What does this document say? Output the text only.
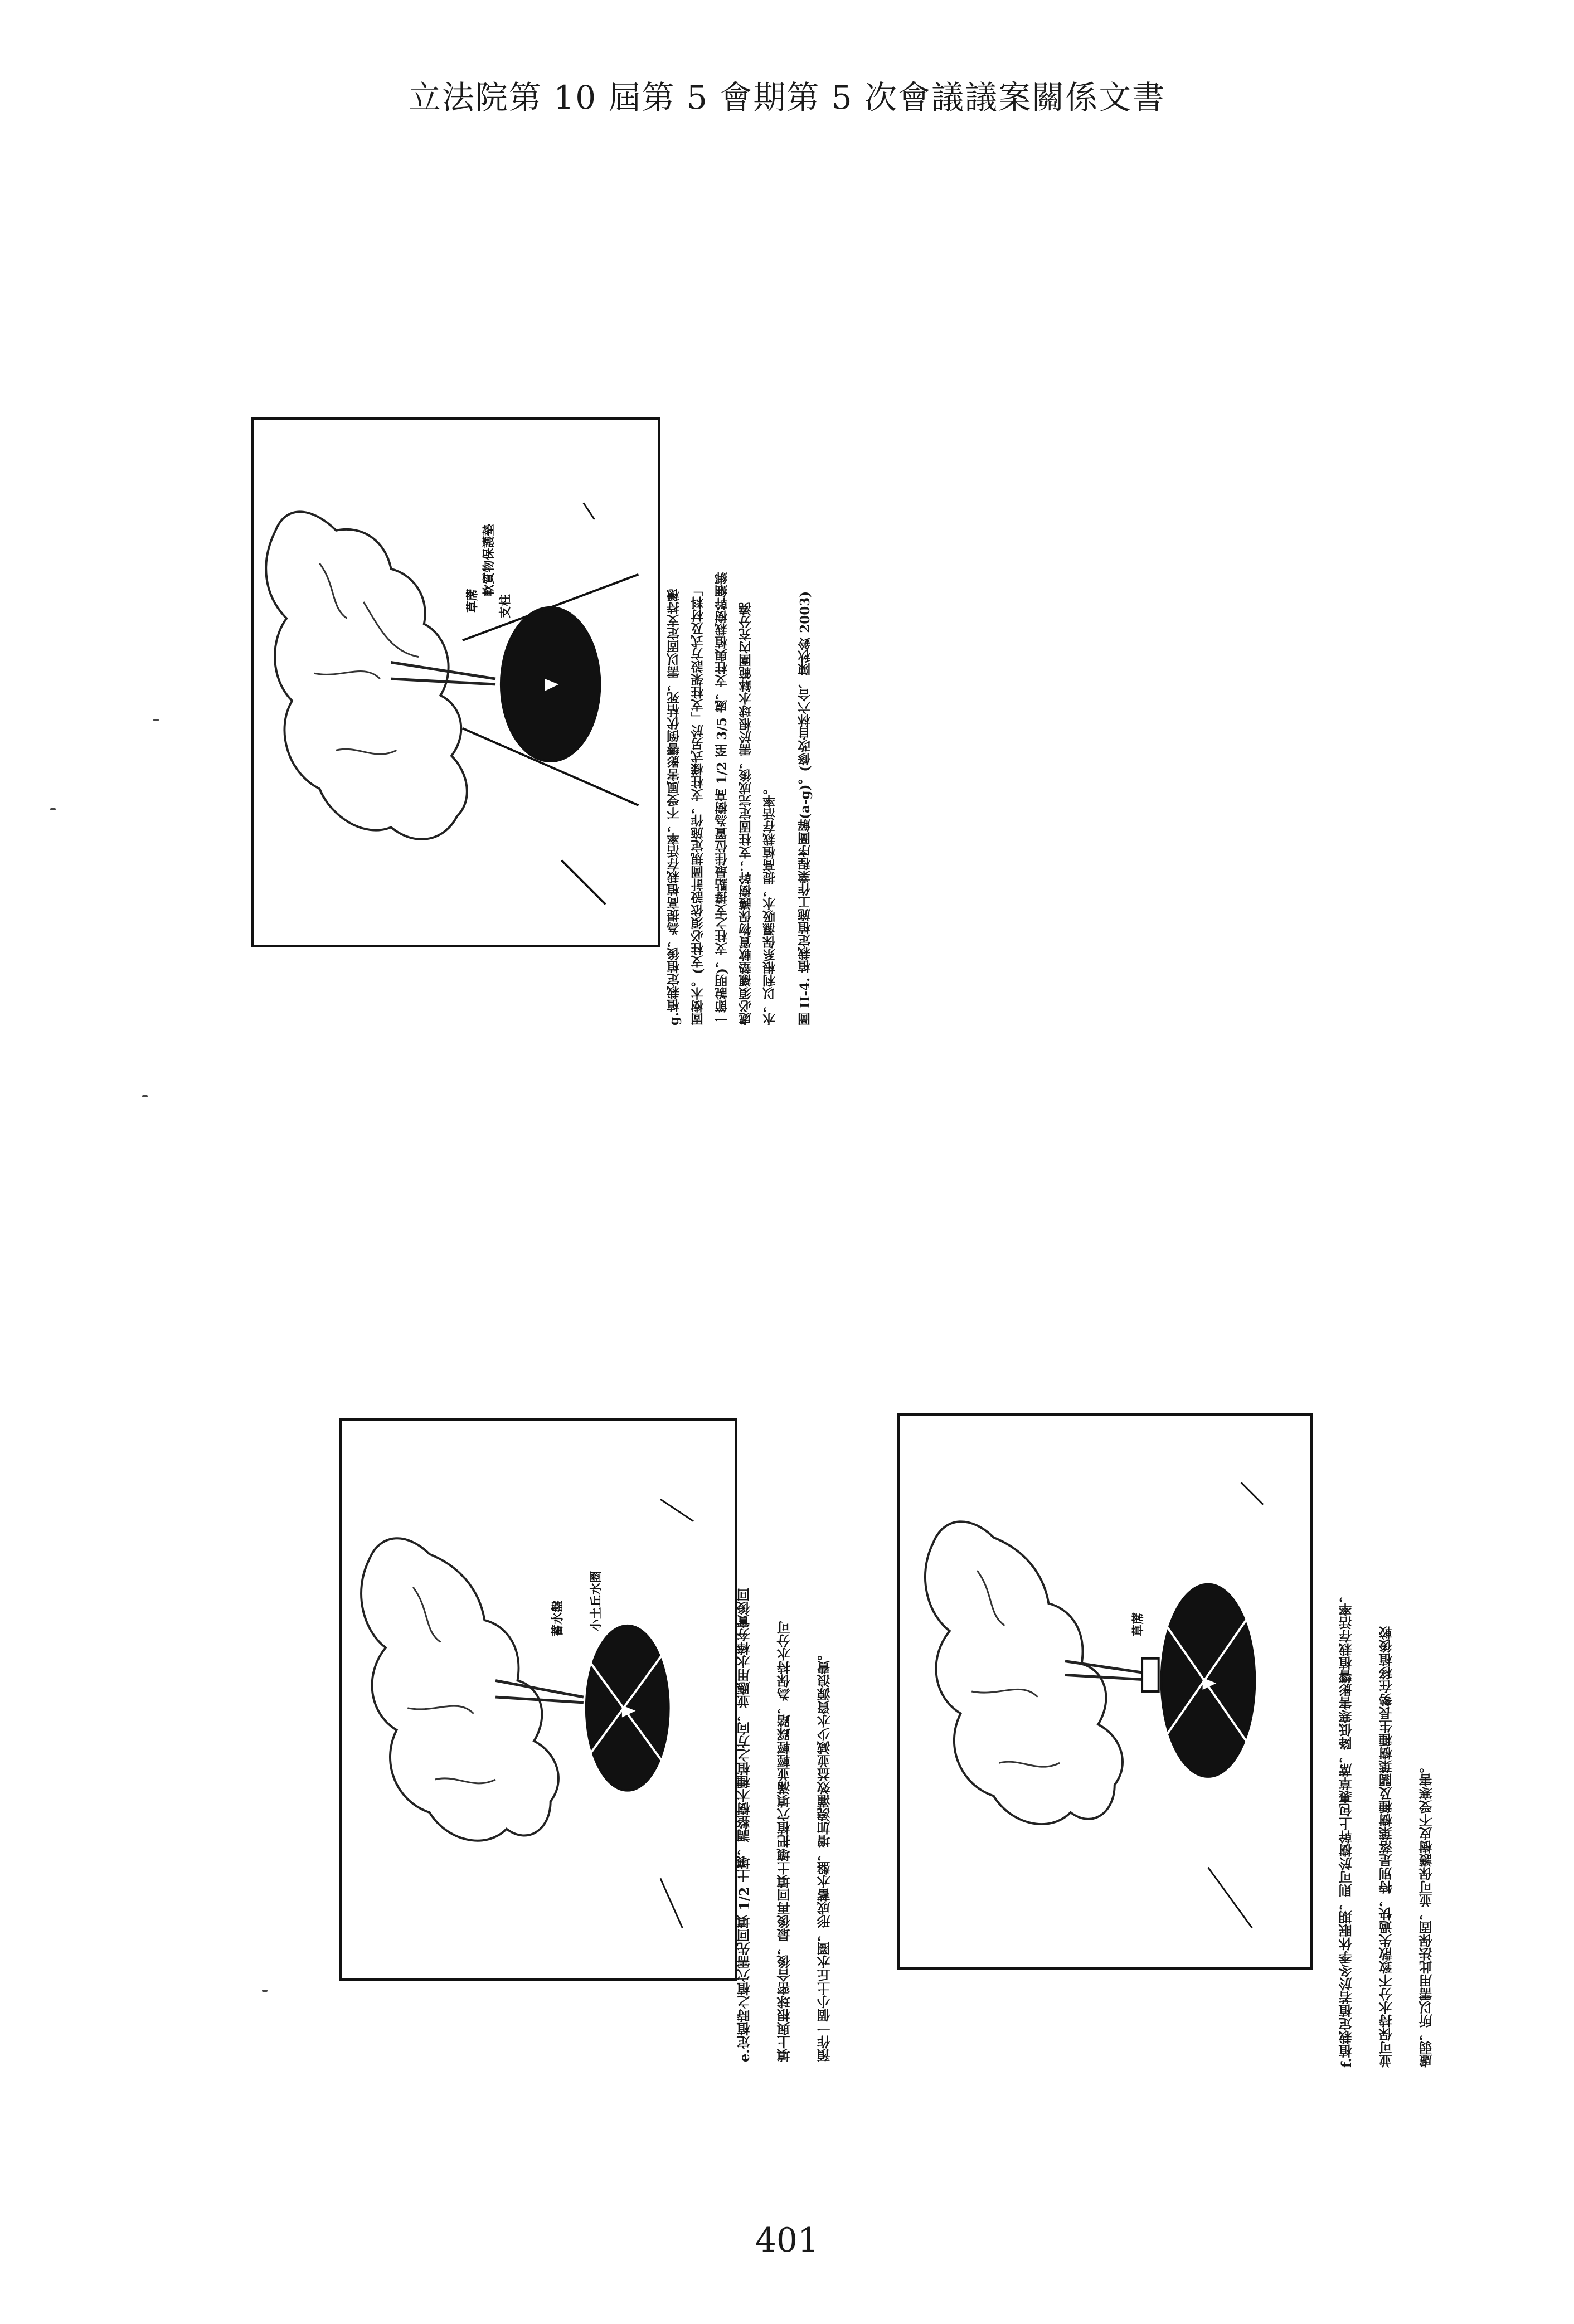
立法院第 10 屆第 5 會期第 5 次會議議案關係文書
草蓆
軟質物保護墊
支柱	g.植栽定植後，為提高植栽存活率，不受風害影響倒伏枯死，需以固定支持穩 固樹木。(支柱必須依設計圖規定施作，支柱樣式另於「支柱架設方式及材料」 一節說明)，支柱之支撐點最佳位置為樹高 1/2 至 3/5 處，支柱與植栽樹幹綑綁 處必須襯墊軟質物保護樹幹；支柱固定完成後，需於根球水缽範圍內充分澆 水，以利根系保濕吸水，提高植栽存活率。	圖 II-4. 植栽定植施工作業程序圖解(a-g)。(修改自林六合、陳秋鈴 2003)

蓄水盤 小土丘水圈	e.定植時之植穴需先回填 1/2 土壤，調整樹木種植之方向，並應用水棒夯實後回	填上與根球密合後，最後再回填土壤把植穴填滿並輕輕踩踏，為保持水分可	預作一個小土丘水圈，形成蓄水盤，增加澆灌效益並減少水資源浪費。

草蓆	f.植栽定植若於冬季休眠期，則可於樹幹上包裹草蓆，降低寒害影響植栽存活率，	並可保持水分不致散失過快，特別是落葉樹種及闊葉樹種生長勢在移植後較	虛弱，所以需用此法保固，並可保護樹皮不受寒害。

401
